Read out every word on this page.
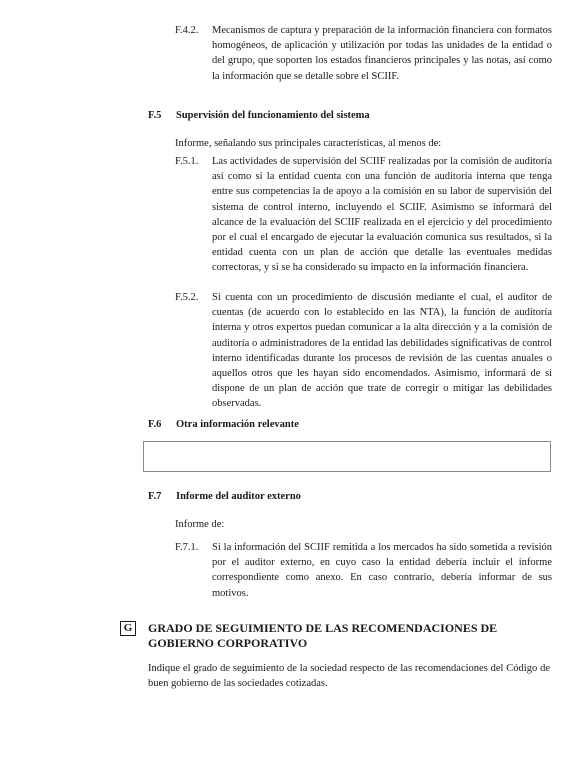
F.4.2. Mecanismos de captura y preparación de la información financiera con formatos homogéneos, de aplicación y utilización por todas las unidades de la entidad o del grupo, que soporten los estados financieros principales y las notas, así como la información que se detalle sobre el SCIIF.
F.5 Supervisión del funcionamiento del sistema
Informe, señalando sus principales características, al menos de:
F.5.1. Las actividades de supervisión del SCIIF realizadas por la comisión de auditoría así como si la entidad cuenta con una función de auditoría interna que tenga entre sus competencias la de apoyo a la comisión en su labor de supervisión del sistema de control interno, incluyendo el SCIIF. Asimismo se informará del alcance de la evaluación del SCIIF realizada en el ejercicio y del procedimiento por el cual el encargado de ejecutar la evaluación comunica sus resultados, si la entidad cuenta con un plan de acción que detalle las eventuales medidas correctoras, y si se ha considerado su impacto en la información financiera.
F.5.2. Si cuenta con un procedimiento de discusión mediante el cual, el auditor de cuentas (de acuerdo con lo establecido en las NTA), la función de auditoría interna y otros expertos puedan comunicar a la alta dirección y a la comisión de auditoría o administradores de la entidad las debilidades significativas de control interno identificadas durante los procesos de revisión de las cuentas anuales o aquellos otros que les hayan sido encomendados. Asimismo, informará de si dispone de un plan de acción que trate de corregir o mitigar las debilidades observadas.
F.6 Otra información relevante
F.7 Informe del auditor externo
Informe de:
F.7.1. Si la información del SCIIF remitida a los mercados ha sido sometida a revisión por el auditor externo, en cuyo caso la entidad debería incluir el informe correspondiente como anexo. En caso contrario, debería informar de sus motivos.
G	GRADO DE SEGUIMIENTO DE LAS RECOMENDACIONES DE GOBIERNO CORPORATIVO
Indique el grado de seguimiento de la sociedad respecto de las recomendaciones del Código de buen gobierno de las sociedades cotizadas.
